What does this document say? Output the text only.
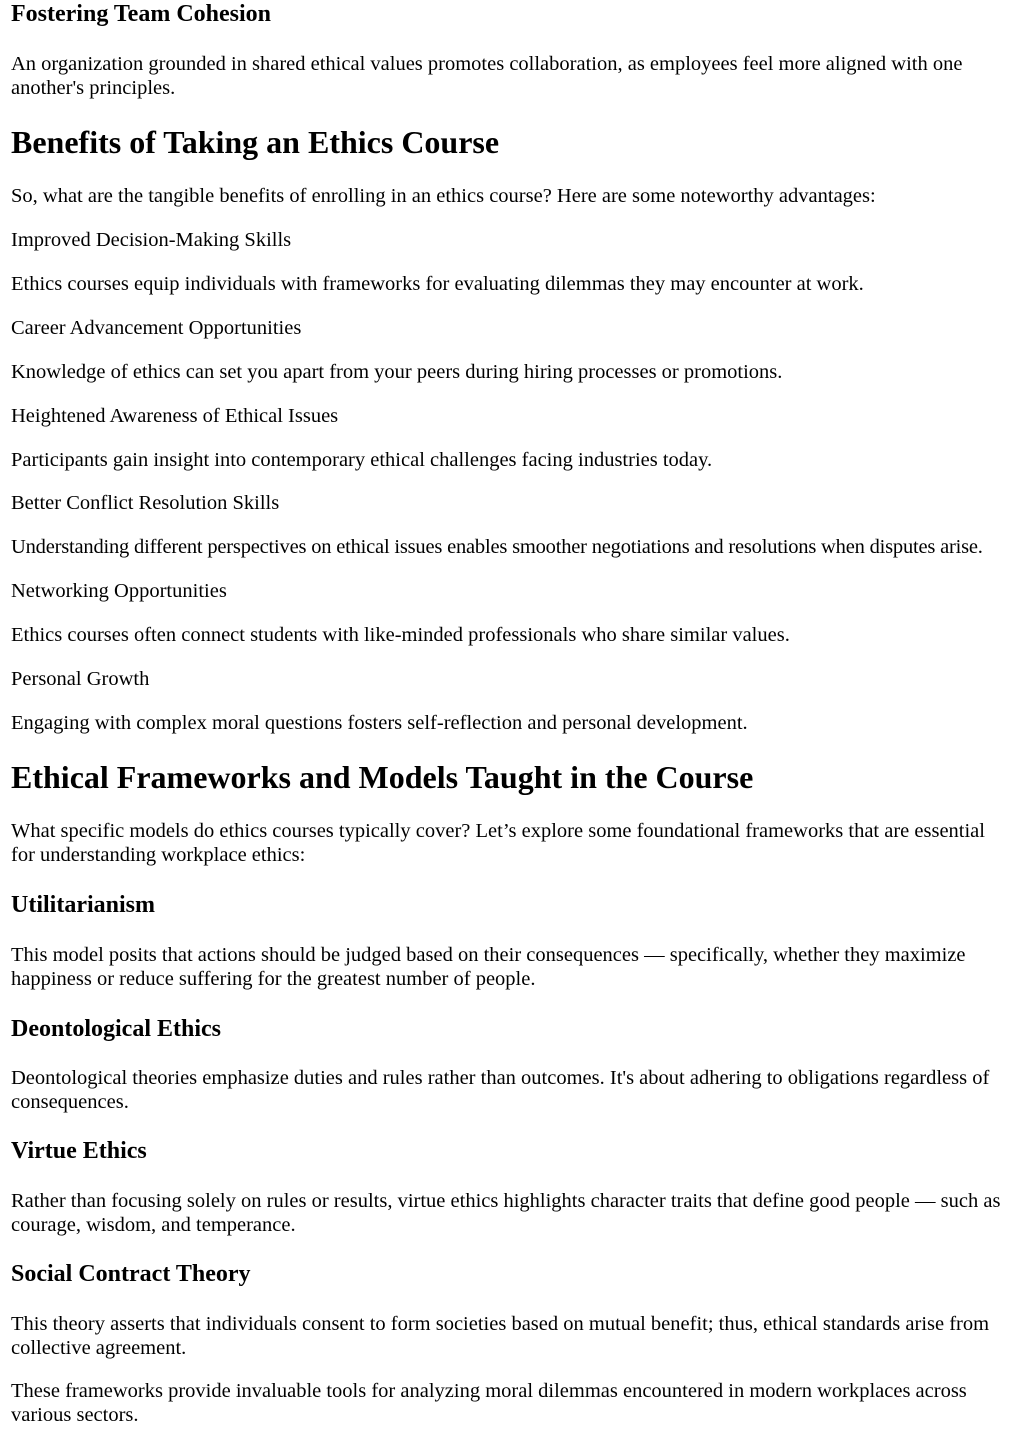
Fostering Team Cohesion

An organization grounded in shared ethical values promotes collaboration, as employees feel more aligned with one another's principles.

Benefits of Taking an Ethics Course

So, what are the tangible benefits of enrolling in an ethics course? Here are some noteworthy advantages:

Improved Decision-Making Skills

Ethics courses equip individuals with frameworks for evaluating dilemmas they may encounter at work.

Career Advancement Opportunities

Knowledge of ethics can set you apart from your peers during hiring processes or promotions.

Heightened Awareness of Ethical Issues

Participants gain insight into contemporary ethical challenges facing industries today.

Better Conflict Resolution Skills

Understanding different perspectives on ethical issues enables smoother negotiations and resolutions when disputes arise.

Networking Opportunities

Ethics courses often connect students with like-minded professionals who share similar values.

Personal Growth

Engaging with complex moral questions fosters self-reflection and personal development.

Ethical Frameworks and Models Taught in the Course

What specific models do ethics courses typically cover? Let’s explore some foundational frameworks that are essential for understanding workplace ethics:

Utilitarianism

This model posits that actions should be judged based on their consequences — specifically, whether they maximize happiness or reduce suffering for the greatest number of people.

Deontological Ethics

Deontological theories emphasize duties and rules rather than outcomes. It's about adhering to obligations regardless of consequences.

Virtue Ethics

Rather than focusing solely on rules or results, virtue ethics highlights character traits that define good people — such as courage, wisdom, and temperance.

Social Contract Theory

This theory asserts that individuals consent to form societies based on mutual benefit; thus, ethical standards arise from collective agreement.

These frameworks provide invaluable tools for analyzing moral dilemmas encountered in modern workplaces across various sectors.
